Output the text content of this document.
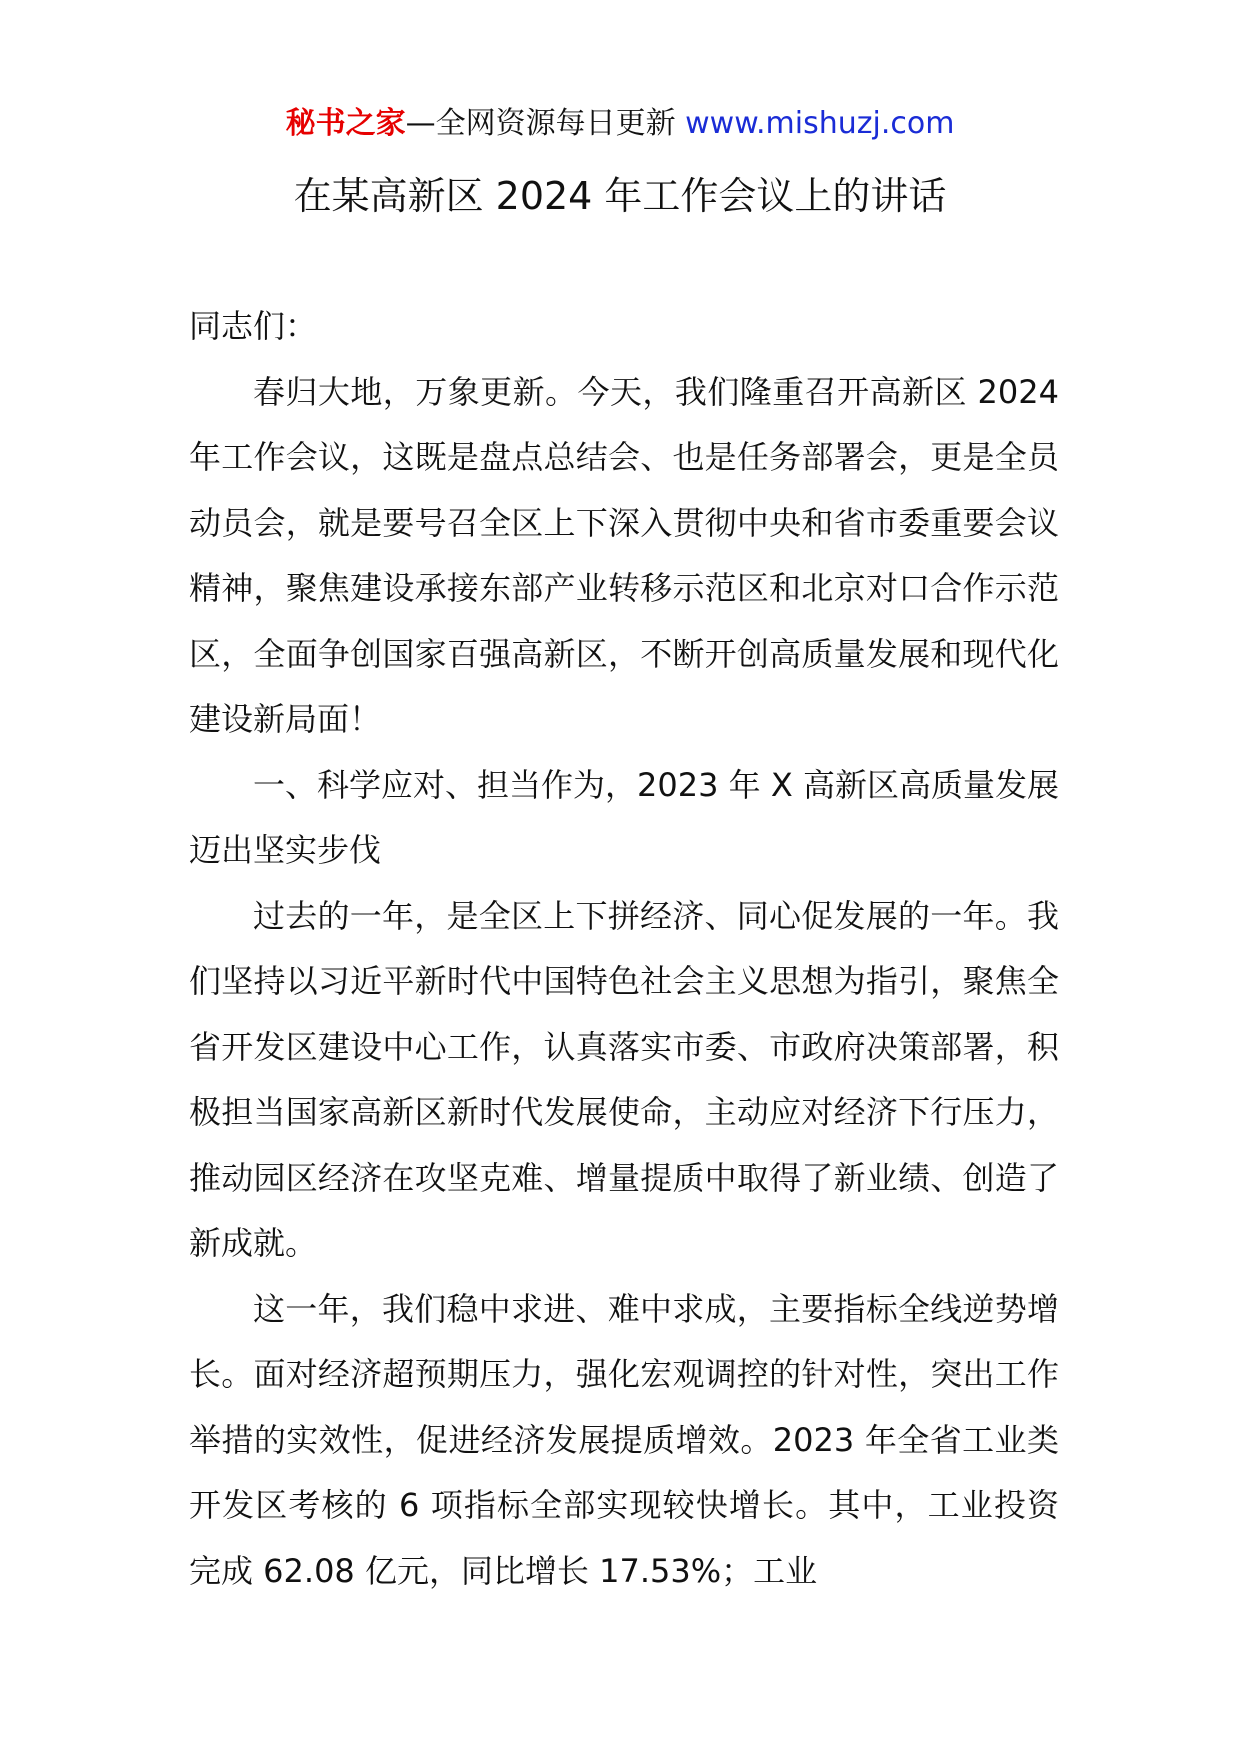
秘书之家—全网资源每日更新 www.mishuzj.com
在某高新区 2024 年工作会议上的讲话

同志们：

春归大地，万象更新。今天，我们隆重召开高新区 2024 年工作会议，这既是盘点总结会、也是任务部署会，更是全员动员会，就是要号召全区上下深入贯彻中央和省市委重要会议精神，聚焦建设承接东部产业转移示范区和北京对口合作示范区，全面争创国家百强高新区，不断开创高质量发展和现代化建设新局面！

一、科学应对、担当作为，2023 年 X 高新区高质量发展迈出坚实步伐

过去的一年，是全区上下拼经济、同心促发展的一年。我们坚持以习近平新时代中国特色社会主义思想为指引，聚焦全省开发区建设中心工作，认真落实市委、市政府决策部署，积极担当国家高新区新时代发展使命，主动应对经济下行压力，推动园区经济在攻坚克难、增量提质中取得了新业绩、创造了新成就。

这一年，我们稳中求进、难中求成，主要指标全线逆势增长。面对经济超预期压力，强化宏观调控的针对性，突出工作举措的实效性，促进经济发展提质增效。2023 年全省工业类开发区考核的 6 项指标全部实现较快增长。其中，工业投资完成 62.08 亿元，同比增长 17.53%；工业
